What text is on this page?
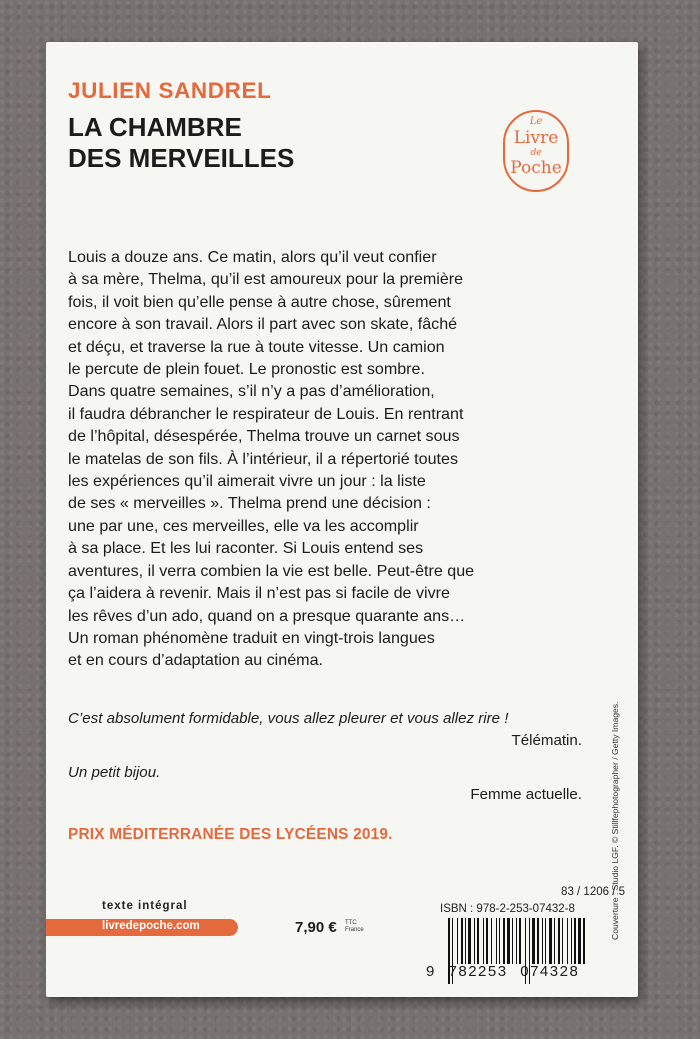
JULIEN SANDREL
LA CHAMBRE
DES MERVEILLES
Le
Livre
de
Poche
Louis a douze ans. Ce matin, alors qu’il veut confier
à sa mère, Thelma, qu’il est amoureux pour la première
fois, il voit bien qu’elle pense à autre chose, sûrement
encore à son travail. Alors il part avec son skate, fâché
et déçu, et traverse la rue à toute vitesse. Un camion
le percute de plein fouet. Le pronostic est sombre.
Dans quatre semaines, s’il n’y a pas d’amélioration,
il faudra débrancher le respirateur de Louis. En rentrant
de l’hôpital, désespérée, Thelma trouve un carnet sous
le matelas de son fils. À l’intérieur, il a répertorié toutes
les expériences qu’il aimerait vivre un jour : la liste
de ses « merveilles ». Thelma prend une décision :
une par une, ces merveilles, elle va les accomplir
à sa place. Et les lui raconter. Si Louis entend ses
aventures, il verra combien la vie est belle. Peut-être que
ça l’aidera à revenir. Mais il n’est pas si facile de vivre
les rêves d’un ado, quand on a presque quarante ans…
Un roman phénomène traduit en vingt-trois langues
et en cours d’adaptation au cinéma.
C’est absolument formidable, vous allez pleurer et vous allez rire !
Télématin.
Un petit bijou.
Femme actuelle.
PRIX MÉDITERRANÉE DES LYCÉENS 2019.
texte intégral
livredepoche.com	7,90 € TTC
France
83 / 1206 / 5
ISBN : 978-2-253-07432-8
9 782253 074328
Couverture : Studio LGF. © Stillfephotographer / Getty Images.
